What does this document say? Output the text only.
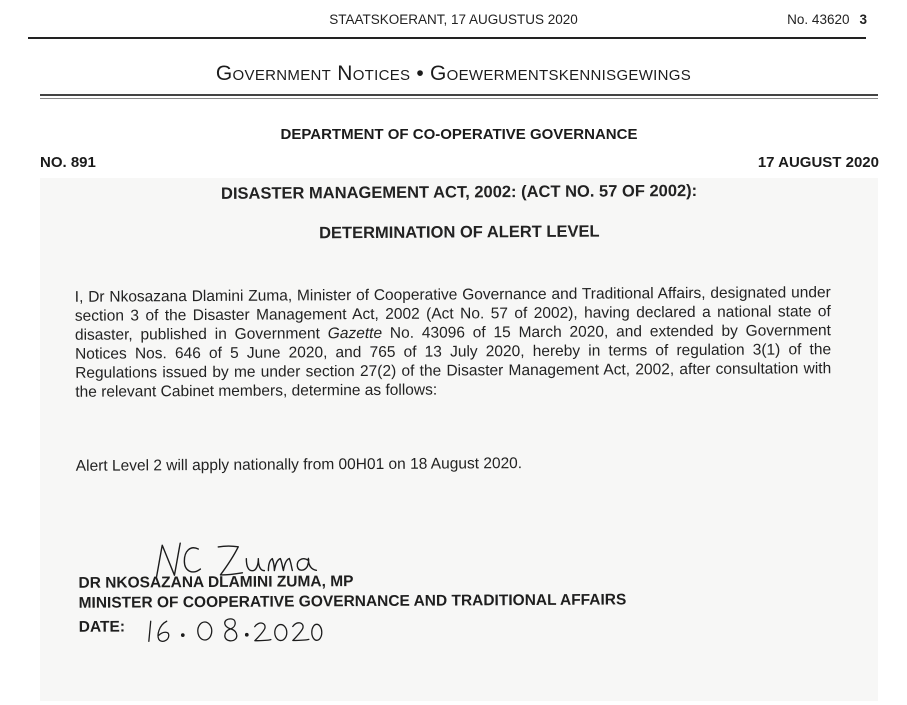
STAATSKOERANT, 17 AUGUSTUS 2020	No. 43620 3
Government Notices • Goewermentskennisgewings
DEPARTMENT OF CO-OPERATIVE GOVERNANCE
NO. 891	17 AUGUST 2020
DISASTER MANAGEMENT ACT, 2002: (ACT NO. 57 OF 2002):
DETERMINATION OF ALERT LEVEL
I, Dr Nkosazana Dlamini Zuma, Minister of Cooperative Governance and Traditional Affairs, designated under section 3 of the Disaster Management Act, 2002 (Act No. 57 of 2002), having declared a national state of disaster, published in Government Gazette No. 43096 of 15 March 2020, and extended by Government Notices Nos. 646 of 5 June 2020, and 765 of 13 July 2020, hereby in terms of regulation 3(1) of the Regulations issued by me under section 27(2) of the Disaster Management Act, 2002, after consultation with the relevant Cabinet members, determine as follows:
Alert Level 2 will apply nationally from 00H01 on 18 August 2020.
DR NKOSAZANA DLAMINI ZUMA, MP
MINISTER OF COOPERATIVE GOVERNANCE AND TRADITIONAL AFFAIRS
DATE:
